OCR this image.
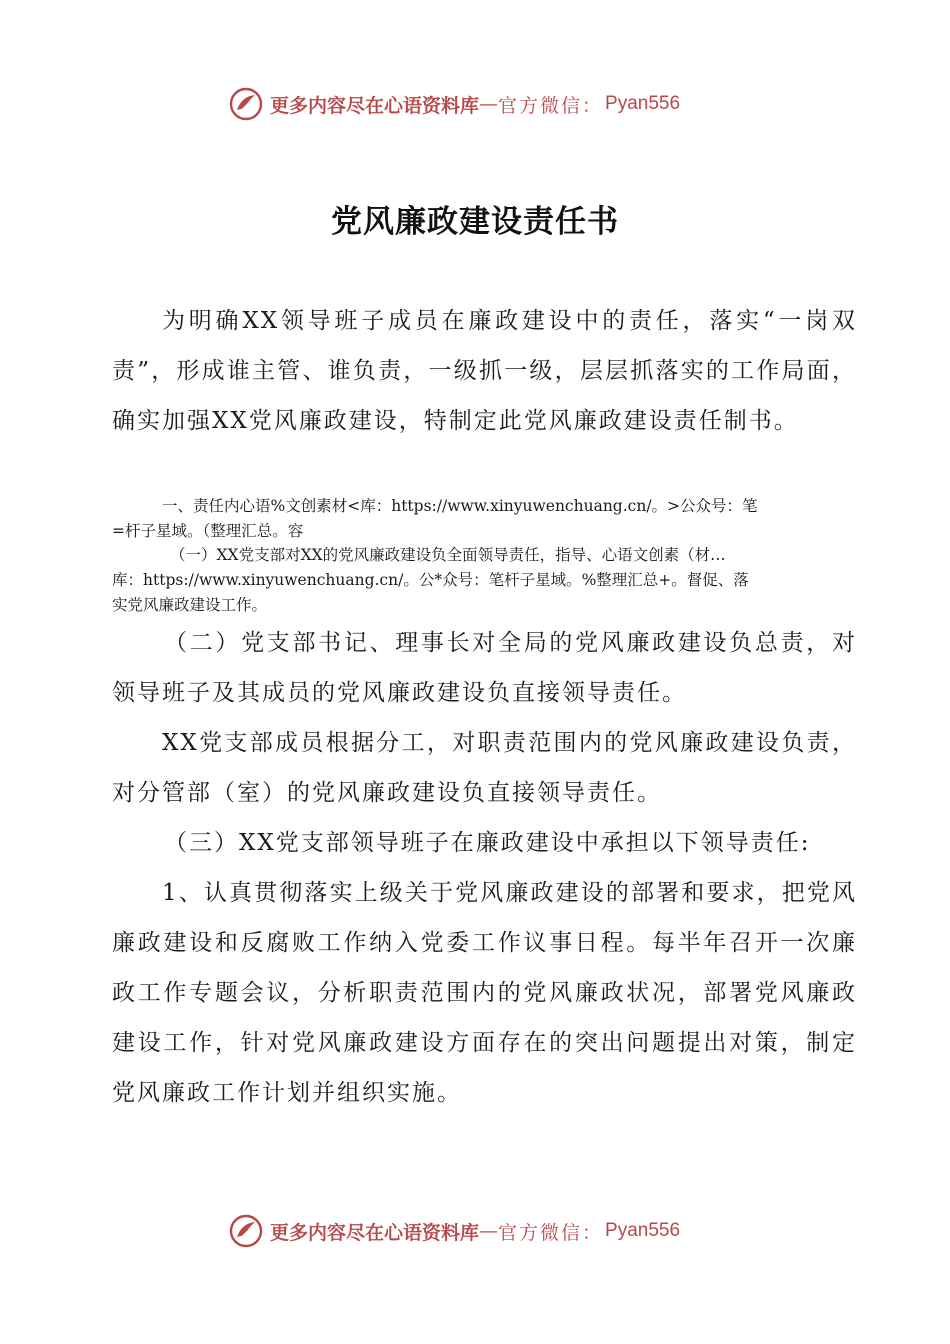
更多内容尽在心语资料库 — 官方微信： Pyan556
党风廉政建设责任书

为明确XX领导班子成员在廉政建设中的责任，落实“一岗双责”，形成谁主管、谁负责，一级抓一级，层层抓落实的工作局面，确实加强XX党风廉政建设，特制定此党风廉政建设责任制书。

一、责任内心语%文创素材<库：https://www.xinyuwenchuang.cn/。>公众号：笔
=杆子星域。（整理汇总。容
（一）XX党支部对XX的党风廉政建设负全面领导责任，指导、心语文创素（材…
库：https://www.xinyuwenchuang.cn/。公*众号：笔杆子星域。%整理汇总+。督促、落
实党风廉政建设工作。

（二）党支部书记、理事长对全局的党风廉政建设负总责，对领导班子及其成员的党风廉政建设负直接领导责任。

XX党支部成员根据分工，对职责范围内的党风廉政建设负责，对分管部（室）的党风廉政建设负直接领导责任。

（三）XX党支部领导班子在廉政建设中承担以下领导责任:

1、认真贯彻落实上级关于党风廉政建设的部署和要求，把党风廉政建设和反腐败工作纳入党委工作议事日程。每半年召开一次廉政工作专题会议，分析职责范围内的党风廉政状况，部署党风廉政建设工作，针对党风廉政建设方面存在的突出问题提出对策，制定党风廉政工作计划并组织实施。

更多内容尽在心语资料库 — 官方微信： Pyan556
